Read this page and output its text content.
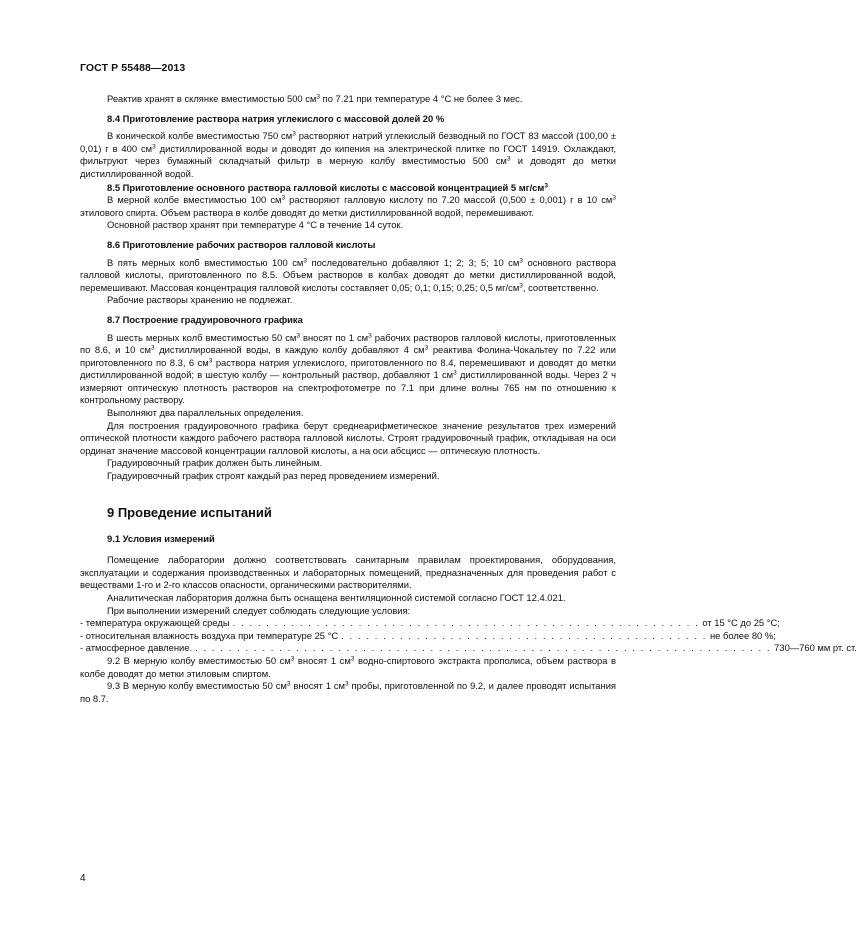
ГОСТ Р 55488—2013

Реактив хранят в склянке вместимостью 500 $см^3$ по 7.21 при температуре 4 °C не более 3 мес.

8.4 Приготовление раствора натрия углекислого с массовой долей 20 %

В конической колбе вместимостью 750 $см^3$ растворяют натрий углекислый безводный по ГОСТ 83 массой (100,00 ± 0,01) г в 400 $см^3$ дистиллированной воды и доводят до кипения на электрической плитке по ГОСТ 14919. Охлаждают, фильтруют через бумажный складчатый фильтр в мерную колбу вместимостью 500 $см^3$ и доводят до метки дистиллированной водой.

8.5 Приготовление основного раствора галловой кислоты с массовой концентрацией 5 $мг/см^3$

В мерной колбе вместимостью 100 $см^3$ растворяют галловую кислоту по 7.20 массой (0,500 ± 0,001) г в 10 $см^3$ этилового спирта. Объем раствора в колбе доводят до метки дистиллированной водой, перемешивают.

Основной раствор хранят при температуре 4 °C в течение 14 суток.

8.6 Приготовление рабочих растворов галловой кислоты

В пять мерных колб вместимостью 100 $см^3$ последовательно добавляют 1; 2; 3; 5; 10 $см^3$ основного раствора галловой кислоты, приготовленного по 8.5. Объем растворов в колбах доводят до метки дистиллированной водой, перемешивают. Массовая концентрация галловой кислоты составляет 0,05; 0,1; 0,15; 0,25; 0,5 $мг/см^3$, соответственно.

Рабочие растворы хранению не подлежат.

8.7 Построение градуировочного графика

В шесть мерных колб вместимостью 50 $см^3$ вносят по 1 $см^3$ рабочих растворов галловой кислоты, приготовленных по 8.6, и 10 $см^3$ дистиллированной воды, в каждую колбу добавляют 4 $см^3$ реактива Фолина-Чокальтеу по 7.22 или приготовленного по 8.3, 6 $см^3$ раствора натрия углекислого, приготовленного по 8.4, перемешивают и доводят до метки дистиллированной водой; в шестую колбу — контрольный раствор, добавляют 1 $см^3$ дистиллированной воды. Через 2 ч измеряют оптическую плотность растворов на спектрофотометре по 7.1 при длине волны 765 нм по отношению к контрольному раствору.

Выполняют два параллельных определения.

Для построения градуировочного графика берут среднеарифметическое значение результатов трех измерений оптической плотности каждого рабочего раствора галловой кислоты. Строят градуировочный график, откладывая на оси ординат значение массовой концентрации галловой кислоты, а на оси абсцисс — оптическую плотность.

Градуировочный график должен быть линейным.

Градуировочный график строят каждый раз перед проведением измерений.

9 Проведение испытаний

9.1 Условия измерений

Помещение лаборатории должно соответствовать санитарным правилам проектирования, оборудования, эксплуатации и содержания производственных и лабораторных помещений, предназначенных для проведения работ с веществами 1-го и 2-го классов опасности, органическими растворителями.

Аналитическая лаборатория должна быть оснащена вентиляционной системой согласно ГОСТ 12.4.021.

При выполнении измерений следует соблюдать следующие условия:

- температура окружающей среды . . . . . . . . . . . . . . . . . . . . . . . . . . . . . . . . . . . . . . . . . . . . . . . . . . . . . . . . от 15 °C до 25 °C;
- относительная влажность воздуха при температуре 25 °C . . . . . . . . . . . . . . . . . . . . . . . . . . . . . . . . . . . . . . . . . . . . не более 80 %;
- атмосферное давление. . . . . . . . . . . . . . . . . . . . . . . . . . . . . . . . . . . . . . . . . . . . . . . . . . . . . . . . . . . . . . . . . . . . . . 730—760 мм рт. ст.

9.2 В мерную колбу вместимостью 50 $см^3$ вносят 1 $см^3$ водно-спиртового экстракта прополиса, объем раствора в колбе доводят до метки этиловым спиртом.

9.3 В мерную колбу вместимостью 50 $см^3$ вносят 1 $см^3$ пробы, приготовленной по 9.2, и далее проводят испытания по 8.7.

4
